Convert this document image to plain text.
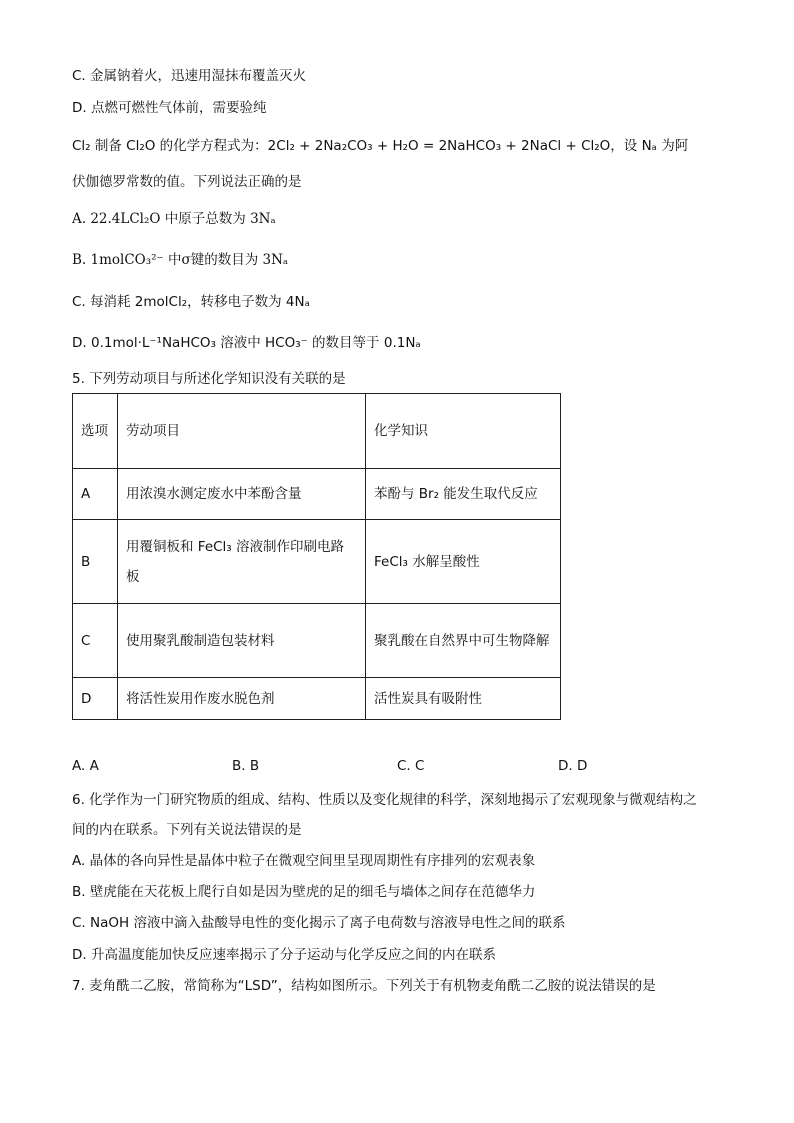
C. 金属钠着火，迅速用湿抹布覆盖灭火
D. 点燃可燃性气体前，需要验纯
Cl₂ 制备 Cl₂O 的化学方程式为：2Cl₂ + 2Na₂CO₃ + H₂O = 2NaHCO₃ + 2NaCl + Cl₂O，设 Nₐ 为阿
伏伽德罗常数的值。下列说法正确的是
A. 22.4LCl₂O 中原子总数为 3Nₐ
B. 1molCO₃²⁻ 中σ键的数目为 3Nₐ
C. 每消耗 2molCl₂，转移电子数为 4Nₐ
D. 0.1mol·L⁻¹NaHCO₃ 溶液中 HCO₃⁻ 的数目等于 0.1Nₐ
5. 下列劳动项目与所述化学知识没有关联的是
选项	劳动项目	化学知识
A	用浓溴水测定废水中苯酚含量	苯酚与 Br₂ 能发生取代反应
B	用覆铜板和 FeCl₃ 溶液制作印刷电路板	FeCl₃ 水解呈酸性
C	使用聚乳酸制造包装材料	聚乳酸在自然界中可生物降解
D	将活性炭用作废水脱色剂	活性炭具有吸附性
A. A	B. B	C. C	D. D
6. 化学作为一门研究物质的组成、结构、性质以及变化规律的科学，深刻地揭示了宏观现象与微观结构之
间的内在联系。下列有关说法错误的是
A. 晶体的各向异性是晶体中粒子在微观空间里呈现周期性有序排列的宏观表象
B. 壁虎能在天花板上爬行自如是因为壁虎的足的细毛与墙体之间存在范德华力
C. NaOH 溶液中滴入盐酸导电性的变化揭示了离子电荷数与溶液导电性之间的联系
D. 升高温度能加快反应速率揭示了分子运动与化学反应之间的内在联系
7. 麦角酰二乙胺，常简称为“LSD”，结构如图所示。下列关于有机物麦角酰二乙胺的说法错误的是
